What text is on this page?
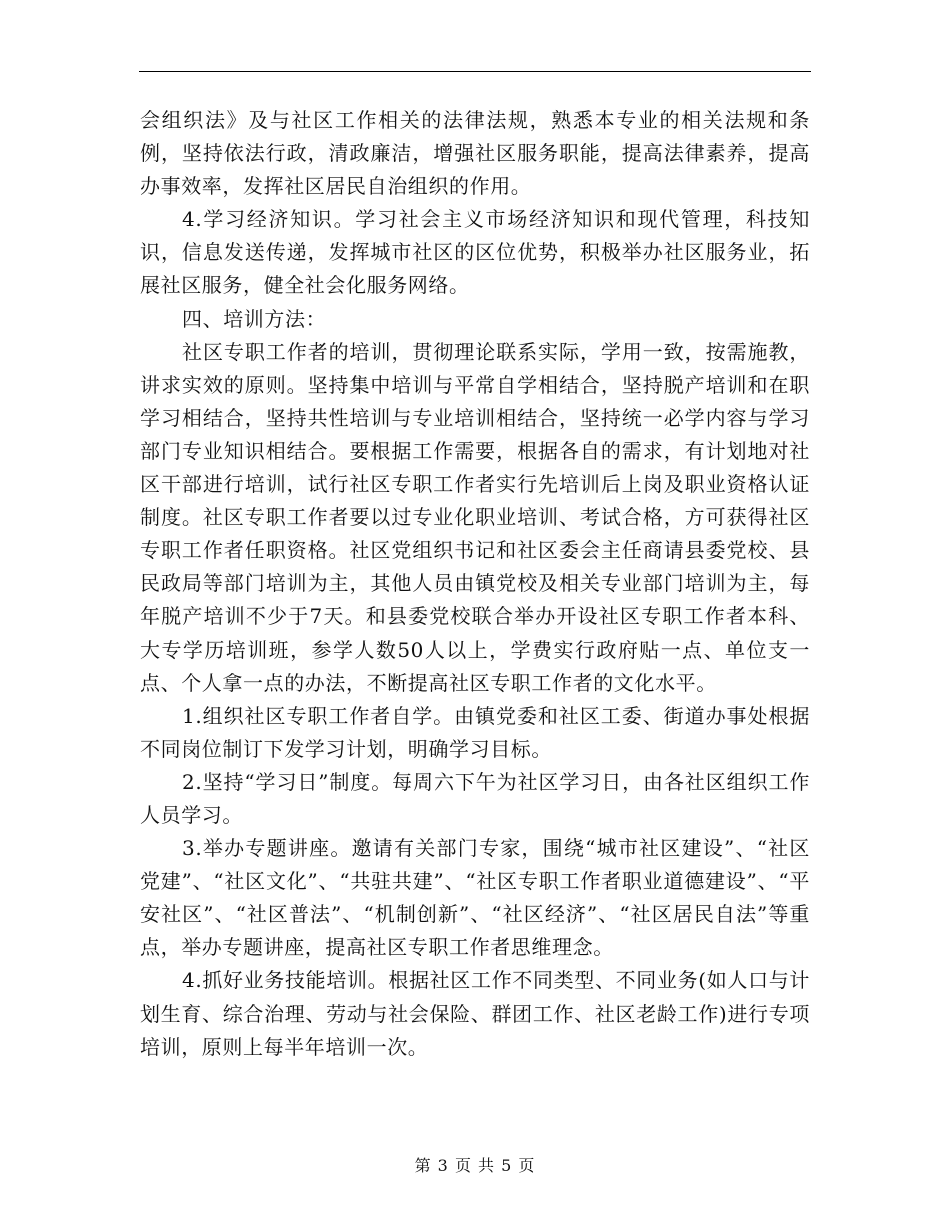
会组织法》及与社区工作相关的法律法规，熟悉本专业的相关法规和条例，坚持依法行政，清政廉洁，增强社区服务职能，提高法律素养，提高办事效率，发挥社区居民自治组织的作用。

4.学习经济知识。学习社会主义市场经济知识和现代管理，科技知识，信息发送传递，发挥城市社区的区位优势，积极举办社区服务业，拓展社区服务，健全社会化服务网络。

四、培训方法：

社区专职工作者的培训，贯彻理论联系实际，学用一致，按需施教，讲求实效的原则。坚持集中培训与平常自学相结合，坚持脱产培训和在职学习相结合，坚持共性培训与专业培训相结合，坚持统一必学内容与学习部门专业知识相结合。要根据工作需要，根据各自的需求，有计划地对社区干部进行培训，试行社区专职工作者实行先培训后上岗及职业资格认证制度。社区专职工作者要以过专业化职业培训、考试合格，方可获得社区专职工作者任职资格。社区党组织书记和社区委会主任商请县委党校、县民政局等部门培训为主，其他人员由镇党校及相关专业部门培训为主，每年脱产培训不少于7天。和县委党校联合举办开设社区专职工作者本科、大专学历培训班，参学人数50人以上，学费实行政府贴一点、单位支一点、个人拿一点的办法，不断提高社区专职工作者的文化水平。

1.组织社区专职工作者自学。由镇党委和社区工委、街道办事处根据不同岗位制订下发学习计划，明确学习目标。

2.坚持“学习日”制度。每周六下午为社区学习日，由各社区组织工作人员学习。

3.举办专题讲座。邀请有关部门专家，围绕“城市社区建设”、“社区党建”、“社区文化”、“共驻共建”、“社区专职工作者职业道德建设”、“平安社区”、“社区普法”、“机制创新”、“社区经济”、“社区居民自法”等重点，举办专题讲座，提高社区专职工作者思维理念。

4.抓好业务技能培训。根据社区工作不同类型、不同业务(如人口与计划生育、综合治理、劳动与社会保险、群团工作、社区老龄工作)进行专项培训，原则上每半年培训一次。

第 3 页 共 5 页
